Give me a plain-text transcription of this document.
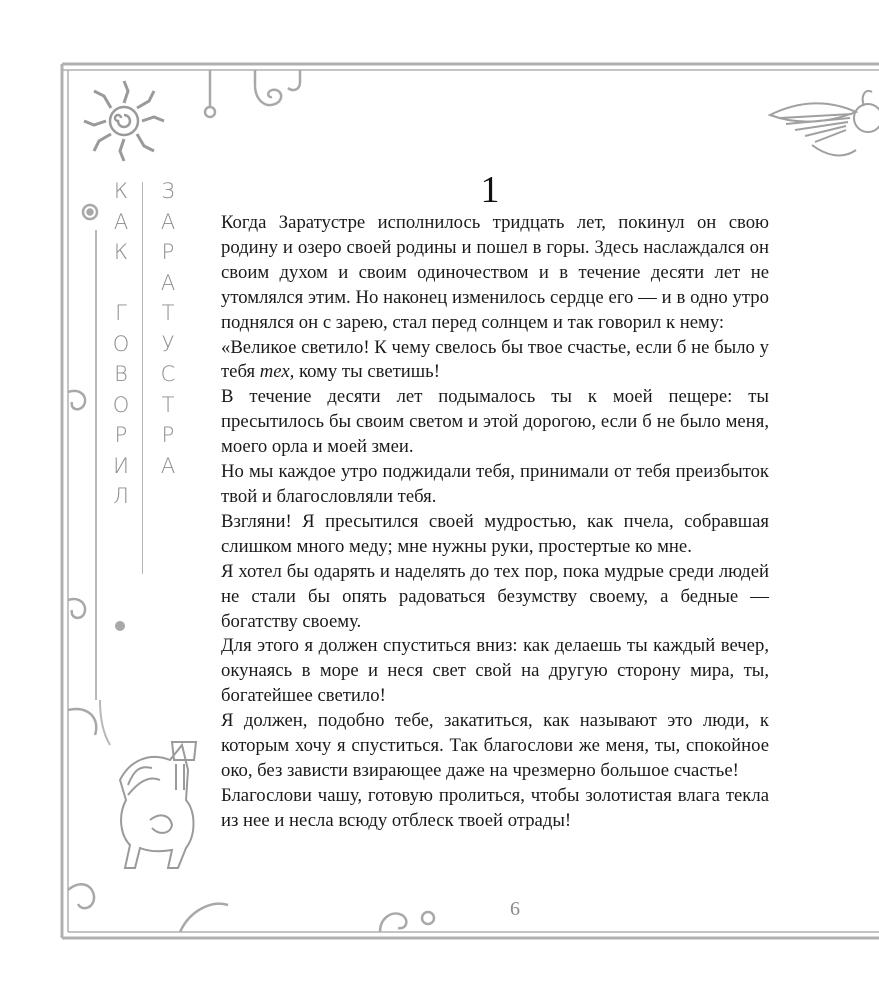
К
А
К
Г
О
В
О
Р
И
Л
З
А
Р
А
Т
У
С
Т
Р
А
1

Когда Заратустре исполнилось тридцать лет, покинул он свою родину и озеро своей родины и пошел в горы. Здесь наслаждался он своим духом и своим одиночеством и в течение десяти лет не утомлялся этим. Но наконец изменилось сердце его — и в одно утро поднялся он с зарею, стал перед солнцем и так говорил к нему:

«Великое светило! К чему свелось бы твое счастье, если б не было у тебя тех, кому ты светишь!

В течение десяти лет подымалось ты к моей пещере: ты пресытилось бы своим светом и этой дорогою, если б не было меня, моего орла и моей змеи.

Но мы каждое утро поджидали тебя, принимали от тебя преизбыток твой и благословляли тебя.

Взгляни! Я пресытился своей мудростью, как пчела, собравшая слишком много меду; мне нужны руки, простертые ко мне.

Я хотел бы одарять и наделять до тех пор, пока мудрые среди людей не стали бы опять радоваться безумству своему, а бедные — богатству своему.

Для этого я должен спуститься вниз: как делаешь ты каждый вечер, окунаясь в море и неся свет свой на другую сторону мира, ты, богатейшее светило!

Я должен, подобно тебе, закатиться, как называют это люди, к которым хочу я спуститься. Так благослови же меня, ты, спокойное око, без зависти взирающее даже на чрезмерно большое счастье!

Благослови чашу, готовую пролиться, чтобы золотистая влага текла из нее и несла всюду отблеск твоей отрады!

6
